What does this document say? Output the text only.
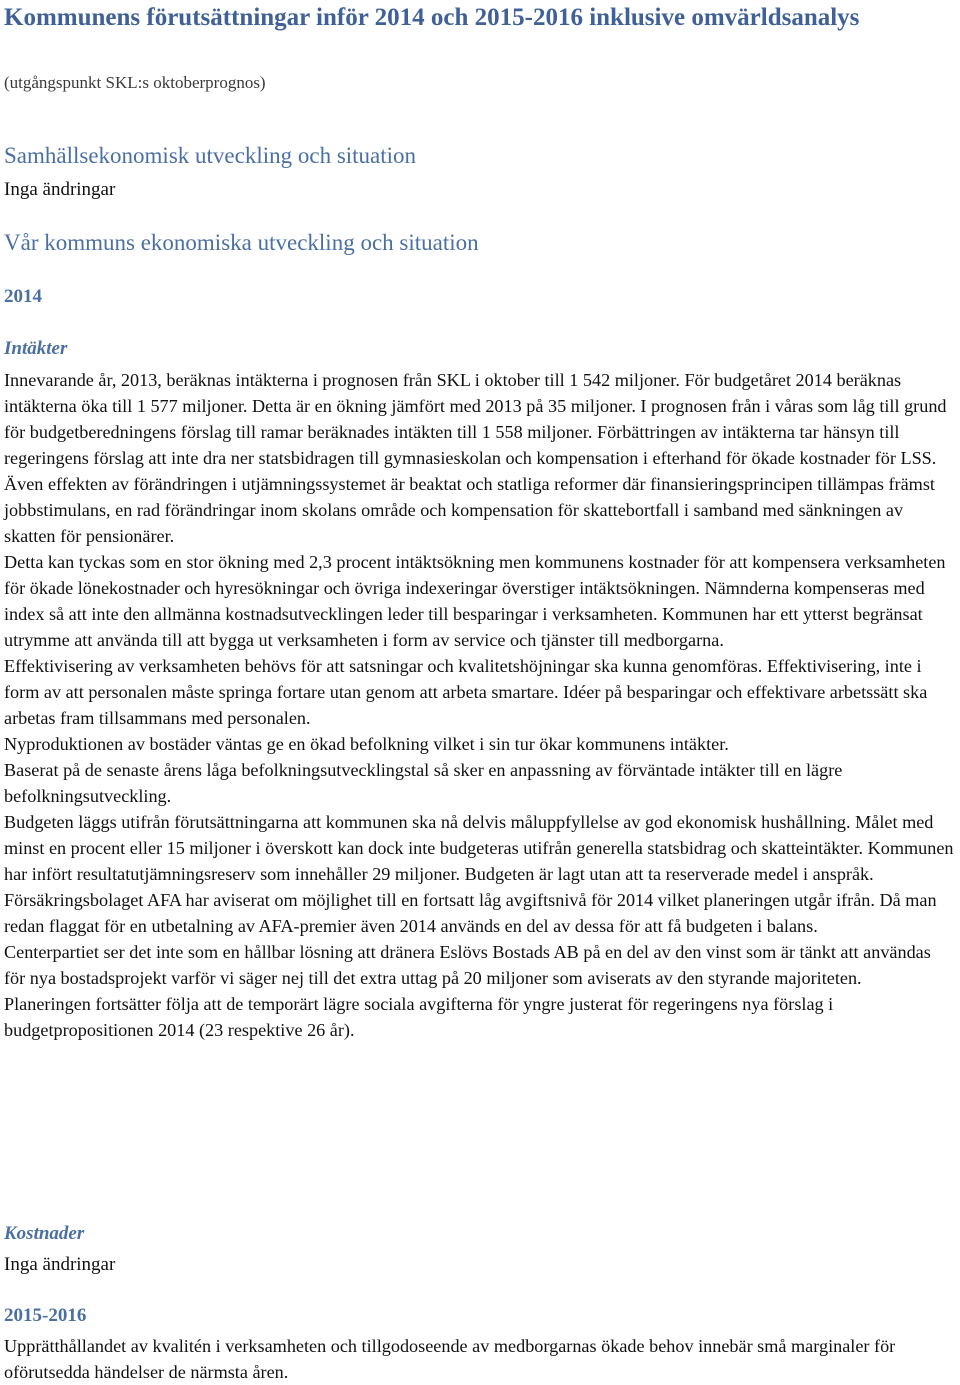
Kommunens förutsättningar inför 2014 och 2015-2016 inklusive omvärldsanalys

(utgångspunkt SKL:s oktoberprognos)

Samhällsekonomisk utveckling och situation

Inga ändringar

Vår kommuns ekonomiska utveckling och situation
2014
Intäkter

Innevarande år, 2013, beräknas intäkterna i prognosen från SKL i oktober till 1 542 miljoner. För budgetåret 2014 beräknas intäkterna öka till 1 577 miljoner. Detta är en ökning jämfört med 2013 på 35 miljoner. I prognosen från i våras som låg till grund för budgetberedningens förslag till ramar beräknades intäkten till 1 558 miljoner. Förbättringen av intäkterna tar hänsyn till regeringens förslag att inte dra ner statsbidragen till gymnasieskolan och kompensation i efterhand för ökade kostnader för LSS. Även effekten av förändringen i utjämningssystemet är beaktat och statliga reformer där finansieringsprincipen tillämpas främst jobbstimulans, en rad förändringar inom skolans område och kompensation för skattebortfall i samband med sänkningen av skatten för pensionärer.

Detta kan tyckas som en stor ökning med 2,3 procent intäktsökning men kommunens kostnader för att kompensera verksamheten för ökade lönekostnader och hyresökningar och övriga indexeringar överstiger intäktsökningen. Nämnderna kompenseras med index så att inte den allmänna kostnadsutvecklingen leder till besparingar i verksamheten. Kommunen har ett ytterst begränsat utrymme att använda till att bygga ut verksamheten i form av service och tjänster till medborgarna.

Effektivisering av verksamheten behövs för att satsningar och kvalitetshöjningar ska kunna genomföras. Effektivisering, inte i form av att personalen måste springa fortare utan genom att arbeta smartare. Idéer på besparingar och effektivare arbetssätt ska arbetas fram tillsammans med personalen.

Nyproduktionen av bostäder väntas ge en ökad befolkning vilket i sin tur ökar kommunens intäkter.

Baserat på de senaste årens låga befolkningsutvecklingstal så sker en anpassning av förväntade intäkter till en lägre befolkningsutveckling.

Budgeten läggs utifrån förutsättningarna att kommunen ska nå delvis måluppfyllelse av god ekonomisk hushållning. Målet med minst en procent eller 15 miljoner i överskott kan dock inte budgeteras utifrån generella statsbidrag och skatteintäkter. Kommunen har infört resultatutjämningsreserv som innehåller 29 miljoner. Budgeten är lagt utan att ta reserverade medel i anspråk.

Försäkringsbolaget AFA har aviserat om möjlighet till en fortsatt låg avgiftsnivå för 2014 vilket planeringen utgår ifrån. Då man redan flaggat för en utbetalning av AFA-premier även 2014 används en del av dessa för att få budgeten i balans.

Centerpartiet ser det inte som en hållbar lösning att dränera Eslövs Bostads AB på en del av den vinst som är tänkt att användas för nya bostadsprojekt varför vi säger nej till det extra uttag på 20 miljoner som aviserats av den styrande majoriteten.

Planeringen fortsätter följa att de temporärt lägre sociala avgifterna för yngre justerat för regeringens nya förslag i budgetpropositionen 2014 (23 respektive 26 år).

Kostnader

Inga ändringar

2015-2016

Upprätthållandet av kvalitén i verksamheten och tillgodoseende av medborgarnas ökade behov innebär små marginaler för oförutsedda händelser de närmsta åren.
